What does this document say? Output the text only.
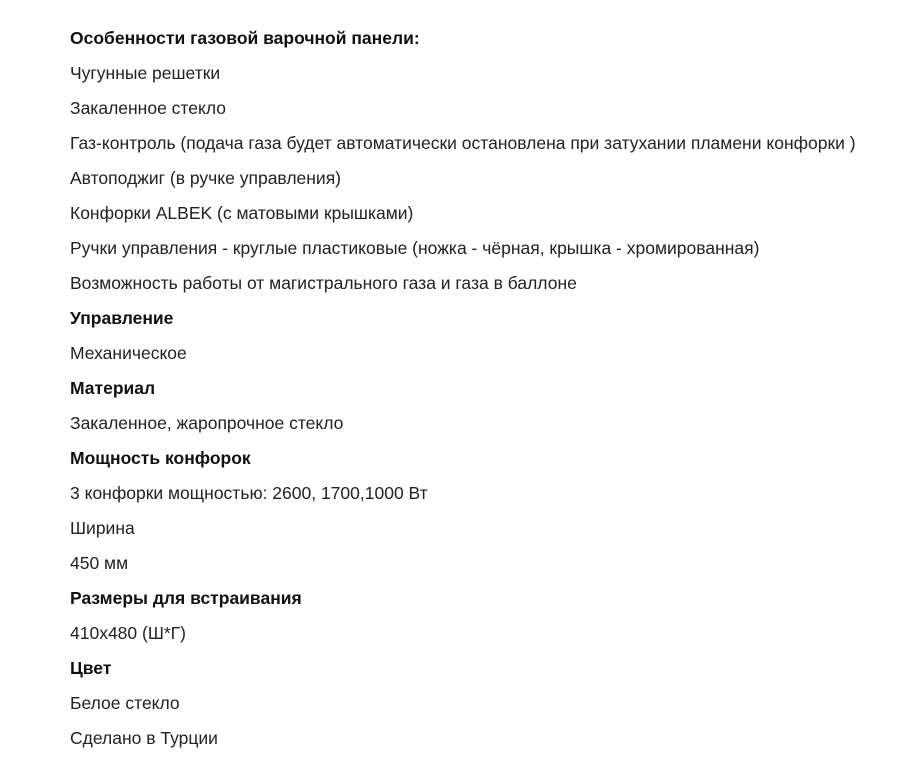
Особенности газовой варочной панели:
Чугунные решетки
Закаленное стекло
Газ-контроль (подача газа будет автоматически остановлена при затухании пламени конфорки )
Автоподжиг (в ручке управления)
Конфорки ALBEK (с матовыми крышками)
Ручки управления - круглые пластиковые (ножка - чёрная, крышка - хромированная)
Возможность работы от магистрального газа и газа в баллоне
Управление
Механическое
Материал
Закаленное, жаропрочное стекло
Мощность конфорок
3 конфорки мощностью: 2600, 1700,1000 Вт
Ширина
450 мм
Размеры для встраивания
410х480 (Ш*Г)
Цвет
Белое стекло
Сделано в Турции
